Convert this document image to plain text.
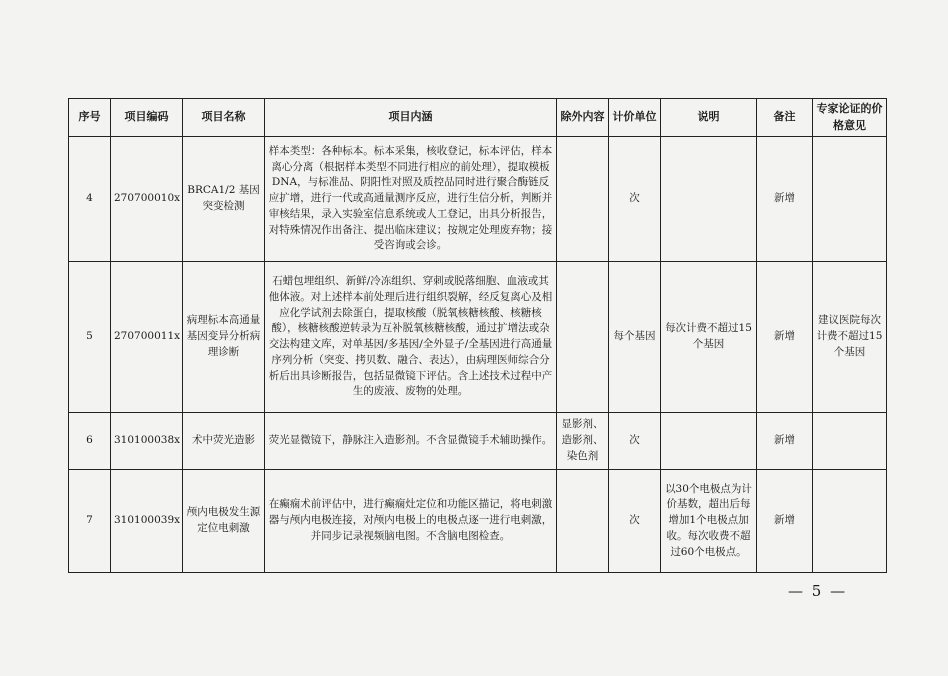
序号	项目编码	项目名称	项目内涵	除外内容	计价单位	说明	备注	专家论证的价格意见
4	270700010x	BRCA1/2 基因突变检测	样本类型：各种标本。标本采集，核收登记，标本评估，样本离心分离（根据样本类型不同进行相应的前处理），提取模板 DNA，与标准品、阴阳性对照及质控品同时进行聚合酶链反应扩增，进行一代或高通量测序反应，进行生信分析，判断并审核结果，录入实验室信息系统或人工登记，出具分析报告，对特殊情况作出备注、提出临床建议；按规定处理废弃物；接受咨询或会诊。		次		新增	
5	270700011x	病理标本高通量基因变异分析病理诊断	石蜡包埋组织、新鲜/冷冻组织、穿刺或脱落细胞、血液或其他体液。对上述样本前处理后进行组织裂解，经反复离心及相应化学试剂去除蛋白，提取核酸（脱氧核糖核酸、核糖核酸），核糖核酸逆转录为互补脱氧核糖核酸，通过扩增法或杂交法构建文库，对单基因/多基因/全外显子/全基因进行高通量序列分析（突变、拷贝数、融合、表达），由病理医师综合分析后出具诊断报告，包括显微镜下评估。含上述技术过程中产生的废液、废物的处理。		每个基因	每次计费不超过15个基因	新增	建议医院每次计费不超过15个基因
6	310100038x	术中荧光造影	荧光显微镜下，静脉注入造影剂。不含显微镜手术辅助操作。	显影剂、造影剂、染色剂	次		新增	
7	310100039x	颅内电极发生源定位电刺激	在癫痫术前评估中，进行癫痫灶定位和功能区描记，将电刺激器与颅内电极连接，对颅内电极上的电极点逐一进行电刺激，并同步记录视频脑电图。不含脑电图检查。		次	以30个电极点为计价基数，超出后每增加1个电极点加收。每次收费不超过60个电极点。	新增	
— 5 —
